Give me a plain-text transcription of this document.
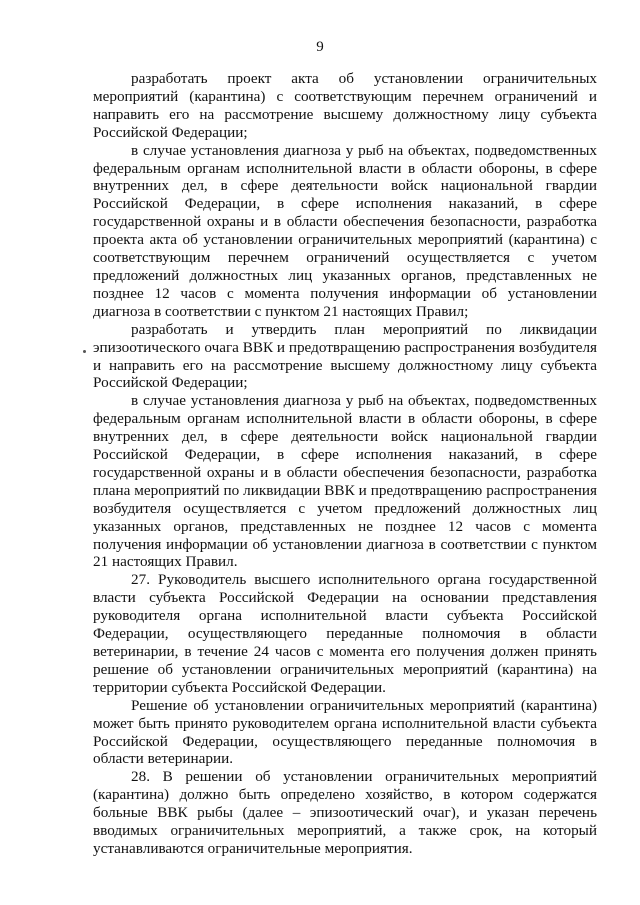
9

разработать проект акта об установлении ограничительных мероприятий (карантина) с соответствующим перечнем ограничений и направить его на рассмотрение высшему должностному лицу субъекта Российской Федерации;

в случае установления диагноза у рыб на объектах, подведомственных федеральным органам исполнительной власти в области обороны, в сфере внутренних дел, в сфере деятельности войск национальной гвардии Российской Федерации, в сфере исполнения наказаний, в сфере государственной охраны и в области обеспечения безопасности, разработка проекта акта об установлении ограничительных мероприятий (карантина) с соответствующим перечнем ограничений осуществляется с учетом предложений должностных лиц указанных органов, представленных не позднее 12 часов с момента получения информации об установлении диагноза в соответствии с пунктом 21 настоящих Правил;

разработать и утвердить план мероприятий по ликвидации эпизоотического очага ВВК и предотвращению распространения возбудителя и направить его на рассмотрение высшему должностному лицу субъекта Российской Федерации;

в случае установления диагноза у рыб на объектах, подведомственных федеральным органам исполнительной власти в области обороны, в сфере внутренних дел, в сфере деятельности войск национальной гвардии Российской Федерации, в сфере исполнения наказаний, в сфере государственной охраны и в области обеспечения безопасности, разработка плана мероприятий по ликвидации ВВК и предотвращению распространения возбудителя осуществляется с учетом предложений должностных лиц указанных органов, представленных не позднее 12 часов с момента получения информации об установлении диагноза в соответствии с пунктом 21 настоящих Правил.

27. Руководитель высшего исполнительного органа государственной власти субъекта Российской Федерации на основании представления руководителя органа исполнительной власти субъекта Российской Федерации, осуществляющего переданные полномочия в области ветеринарии, в течение 24 часов с момента его получения должен принять решение об установлении ограничительных мероприятий (карантина) на территории субъекта Российской Федерации.

Решение об установлении ограничительных мероприятий (карантина) может быть принято руководителем органа исполнительной власти субъекта Российской Федерации, осуществляющего переданные полномочия в области ветеринарии.

28. В решении об установлении ограничительных мероприятий (карантина) должно быть определено хозяйство, в котором содержатся больные ВВК рыбы (далее – эпизоотический очаг), и указан перечень вводимых ограничительных мероприятий, а также срок, на который устанавливаются ограничительные мероприятия.
